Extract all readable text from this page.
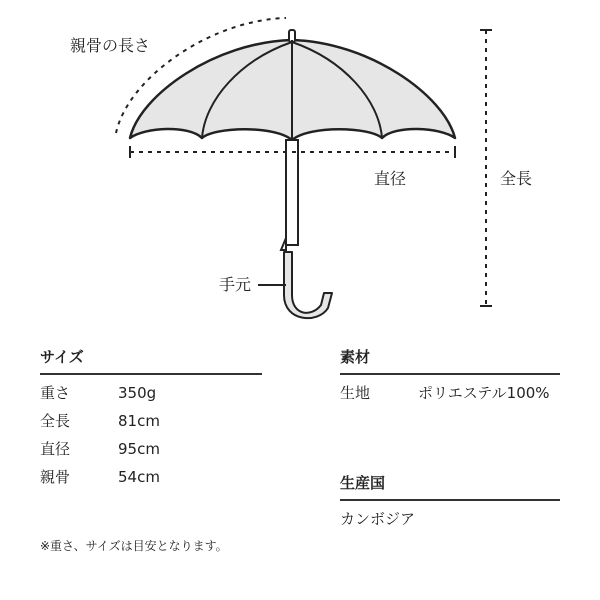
親骨の長さ
直径	全長
手元
サイズ
重さ	350g
全長	81cm
直径	95cm
親骨	54cm
素材
生地	ポリエステル100%
生産国
カンボジア
※重さ、サイズは目安となります。
